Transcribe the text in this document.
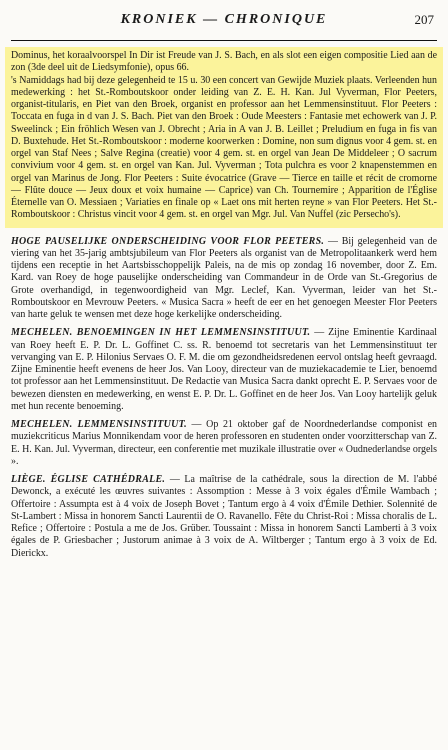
KRONIEK — CHRONIQUE	207

Dominus, het koraalvoorspel In Dir ist Freude van J. S. Bach, en als slot een eigen compositie Lied aan de zon (3de deel uit de Liedsymfonie), opus 66.

's Namiddags had bij deze gelegenheid te 15 u. 30 een concert van Gewijde Muziek plaats. Verleenden hun medewerking : het St.-Romboutskoor onder leiding van Z. E. H. Kan. Jul Vyverman, Flor Peeters, organist-titularis, en Piet van den Broek, organist en professor aan het Lemmensinstituut. Flor Peeters : Toccata en fuga in d van J. S. Bach. Piet van den Broek : Oude Meesters : Fantasie met echowerk van J. P. Sweelinck ; Ein fröhlich Wesen van J. Obrecht ; Aria in A van J. B. Leillet ; Preludium en fuga in fis van D. Buxtehude. Het St.-Romboutskoor : moderne koorwerken : Domine, non sum dignus voor 4 gem. st. en orgel van Staf Nees ; Salve Regina (creatie) voor 4 gem. st. en orgel van Jean De Middeleer ; O sacrum convivium voor 4 gem. st. en orgel van Kan. Jul. Vyverman ; Tota pulchra es voor 2 knapenstemmen en orgel van Marinus de Jong. Flor Peeters : Suite évocatrice (Grave — Tierce en taille et récit de cromorne — Flûte douce — Jeux doux et voix humaine — Caprice) van Ch. Tournemire ; Apparition de l'Église Éternelle van O. Messiaen ; Variaties en finale op « Laet ons mit herten reyne » van Flor Peeters. Het St.-Romboutskoor : Christus vincit voor 4 gem. st. en orgel van Mgr. Jul. Van Nuffel (zic Persecho's).

HOGE PAUSELIJKE ONDERSCHEIDING VOOR FLOR PEETERS. — Bij gelegenheid van de viering van het 35-jarig ambtsjubileum van Flor Peeters als organist van de Metropolitaankerk werd hem tijdens een receptie in het Aartsbisschoppelijk Paleis, na de mis op zondag 16 november, door Z. Em. Kard. van Roey de hoge pauselijke onderscheiding van Commandeur in de Orde van St.-Gregorius de Grote overhandigd, in tegenwoordigheid van Mgr. Leclef, Kan. Vyverman, leider van het St.-Romboutskoor en Mevrouw Peeters. « Musica Sacra » heeft de eer en het genoegen Meester Flor Peeters van harte geluk te wensen met deze hoge kerkelijke onderscheiding.

MECHELEN. BENOEMINGEN IN HET LEMMENSINSTITUUT. — Zijne Eminentie Kardinaal van Roey heeft E. P. Dr. L. Goffinet C. ss. R. benoemd tot secretaris van het Lemmensinstituut ter vervanging van E. P. Hilonius Servaes O. F. M. die om gezondheidsredenen eervol ontslag heeft gevraagd. Zijne Eminentie heeft evenens de heer Jos. Van Looy, directeur van de muziekacademie te Lier, benoemd tot professor aan het Lemmensinstituut. De Redactie van Musica Sacra dankt oprecht E. P. Servaes voor de bewezen diensten en medewerking, en wenst E. P. Dr. L. Goffinet en de heer Jos. Van Looy hartelijk geluk met hun recente benoeming.

MECHELEN. LEMMENSINSTITUUT. — Op 21 oktober gaf de Noordnederlandse componist en muziekcriticus Marius Monnikendam voor de heren professoren en studenten onder voorzitterschap van Z. E. H. Kan. Jul. Vyverman, directeur, een conferentie met muzikale illustratie over « Oudnederlandse orgels ».

LIÈGE. ÉGLISE CATHÉDRALE. — La maîtrise de la cathédrale, sous la direction de M. l'abbé Dewonck, a exécuté les œuvres suivantes : Assomption : Messe à 3 voix égales d'Émile Wambach ; Offertoire : Assumpta est à 4 voix de Joseph Bovet ; Tantum ergo à 4 voix d'Émile Dethier. Solennité de St-Lambert : Missa in honorem Sancti Laurentii de O. Ravanello. Fête du Christ-Roi : Missa choralis de L. Refice ; Offertoire : Postula a me de Jos. Grüber. Toussaint : Missa in honorem Sancti Lamberti à 3 voix égales de P. Griesbacher ; Justorum animae à 3 voix de A. Wiltberger ; Tantum ergo à 3 voix de Ed. Dierickx.
